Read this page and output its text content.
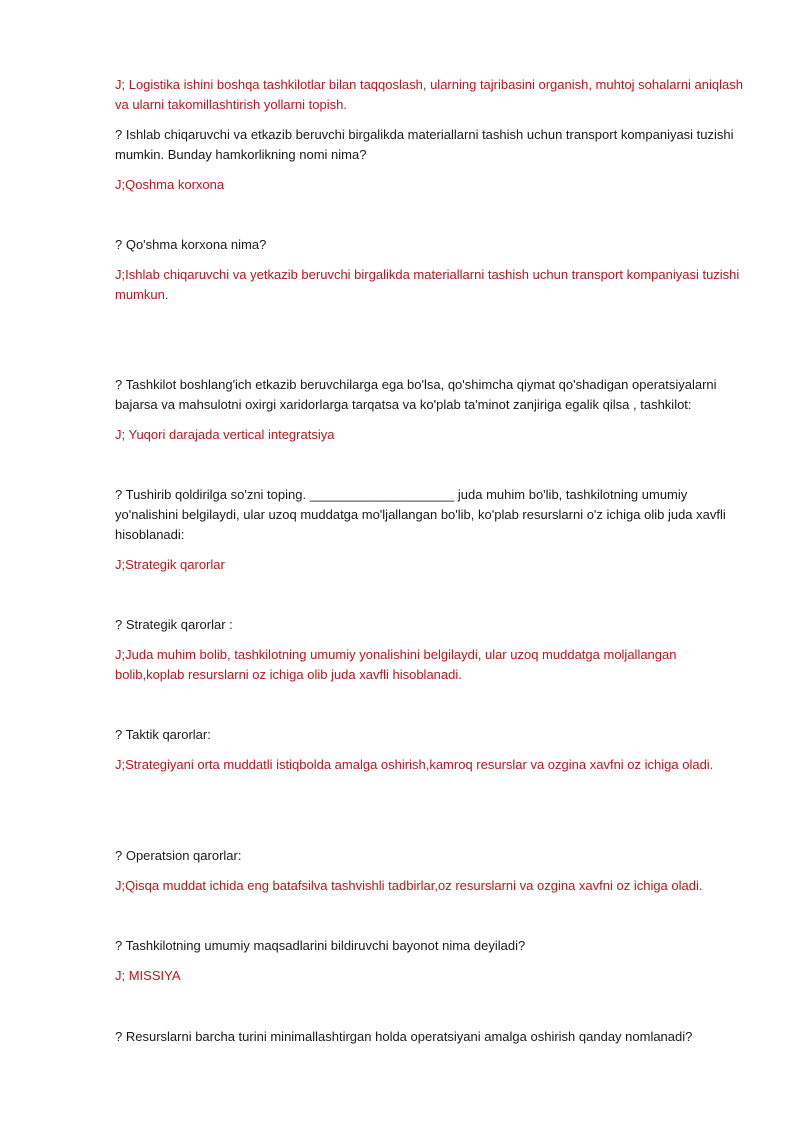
J; Logistika ishini boshqa tashkilotlar bilan taqqoslash, ularning tajribasini organish, muhtoj sohalarni aniqlash va ularni takomillashtirish yollarni topish.

? Ishlab chiqaruvchi va etkazib beruvchi birgalikda materiallarni tashish uchun transport kompaniyasi tuzishi mumkin. Bunday hamkorlikning nomi nima?

J;Qoshma korxona

? Qo'shma korxona nima?

J;Ishlab chiqaruvchi va yetkazib beruvchi birgalikda materiallarni tashish uchun transport kompaniyasi tuzishi mumkun.

? Tashkilot boshlang'ich etkazib beruvchilarga ega bo'lsa, qo'shimcha qiymat qo'shadigan operatsiyalarni bajarsa va mahsulotni oxirgi xaridorlarga tarqatsa va ko'plab ta'minot zanjiriga egalik qilsa , tashkilot:

J; Yuqori darajada vertical integratsiya

? Tushirib qoldirilga so'zni toping. ____________________ juda muhim bo'lib, tashkilotning umumiy yo'nalishini belgilaydi, ular uzoq muddatga mo'ljallangan bo'lib, ko'plab resurslarni o'z ichiga olib juda xavfli hisoblanadi:

J;Strategik qarorlar

? Strategik qarorlar :

J;Juda muhim bolib, tashkilotning umumiy yonalishini belgilaydi, ular uzoq muddatga moljallangan bolib,koplab resurslarni oz ichiga olib juda xavfli hisoblanadi.

? Taktik qarorlar:

J;Strategiyani orta muddatli istiqbolda amalga oshirish,kamroq resurslar va ozgina xavfni oz ichiga oladi.

? Operatsion qarorlar:

J;Qisqa muddat ichida eng batafsilva tashvishli tadbirlar,oz resurslarni va ozgina xavfni oz ichiga oladi.

? Tashkilotning umumiy maqsadlarini bildiruvchi bayonot nima deyiladi?

J; MISSIYA

? Resurslarni barcha turini minimallashtirgan holda operatsiyani amalga oshirish qanday nomlanadi?
